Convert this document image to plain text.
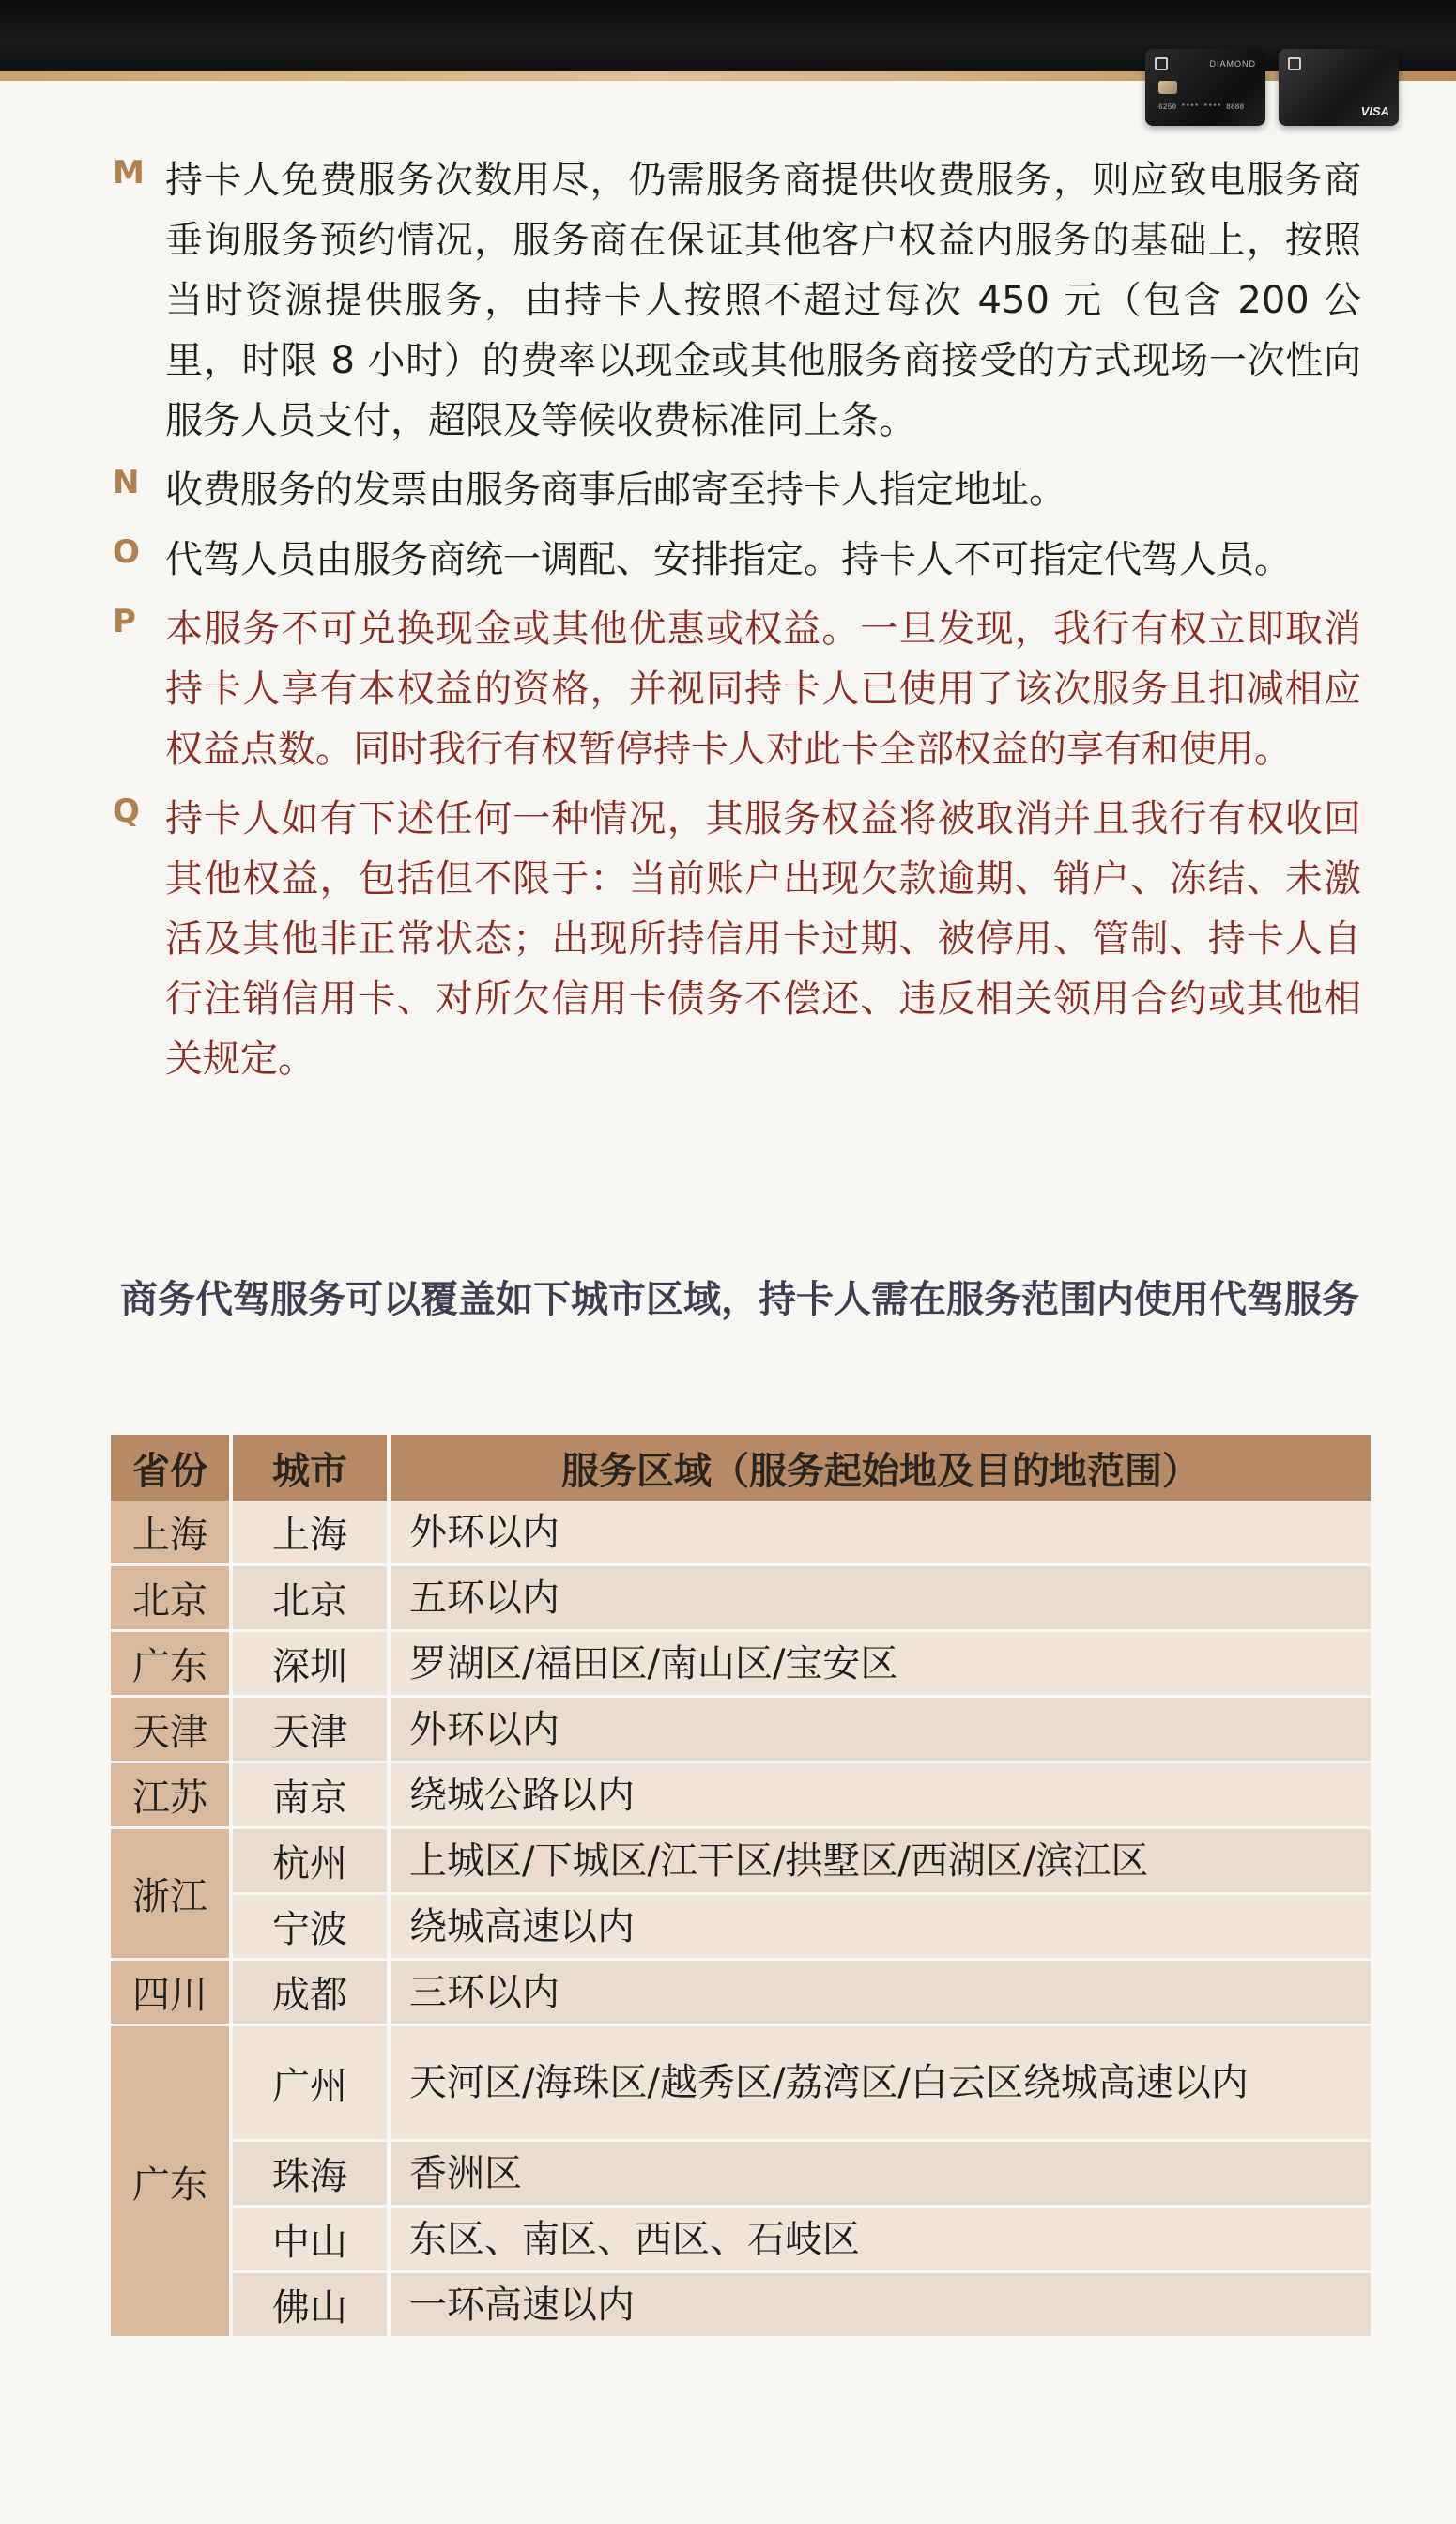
DIAMOND
6250 **** **** 8888	VISA
M 持卡人免费服务次数用尽，仍需服务商提供收费服务，则应致电服务商垂询服务预约情况，服务商在保证其他客户权益内服务的基础上，按照当时资源提供服务，由持卡人按照不超过每次 450 元（包含 200 公里，时限 8 小时）的费率以现金或其他服务商接受的方式现场一次性向服务人员支付，超限及等候收费标准同上条。
N 收费服务的发票由服务商事后邮寄至持卡人指定地址。
O 代驾人员由服务商统一调配、安排指定。持卡人不可指定代驾人员。
P 本服务不可兑换现金或其他优惠或权益。一旦发现，我行有权立即取消持卡人享有本权益的资格，并视同持卡人已使用了该次服务且扣减相应权益点数。同时我行有权暂停持卡人对此卡全部权益的享有和使用。
Q 持卡人如有下述任何一种情况，其服务权益将被取消并且我行有权收回其他权益，包括但不限于：当前账户出现欠款逾期、销户、冻结、未激活及其他非正常状态；出现所持信用卡过期、被停用、管制、持卡人自行注销信用卡、对所欠信用卡债务不偿还、违反相关领用合约或其他相关规定。
商务代驾服务可以覆盖如下城市区域，持卡人需在服务范围内使用代驾服务
省份	城市	服务区域（服务起始地及目的地范围）
上海	上海	外环以内
北京	北京	五环以内
广东	深圳	罗湖区/福田区/南山区/宝安区
天津	天津	外环以内
江苏	南京	绕城公路以内
浙江	杭州	上城区/下城区/江干区/拱墅区/西湖区/滨江区
	宁波	绕城高速以内
四川	成都	三环以内
广东	广州	天河区/海珠区/越秀区/荔湾区/白云区绕城高速以内
	珠海	香洲区
	中山	东区、南区、西区、石岐区
	佛山	一环高速以内
